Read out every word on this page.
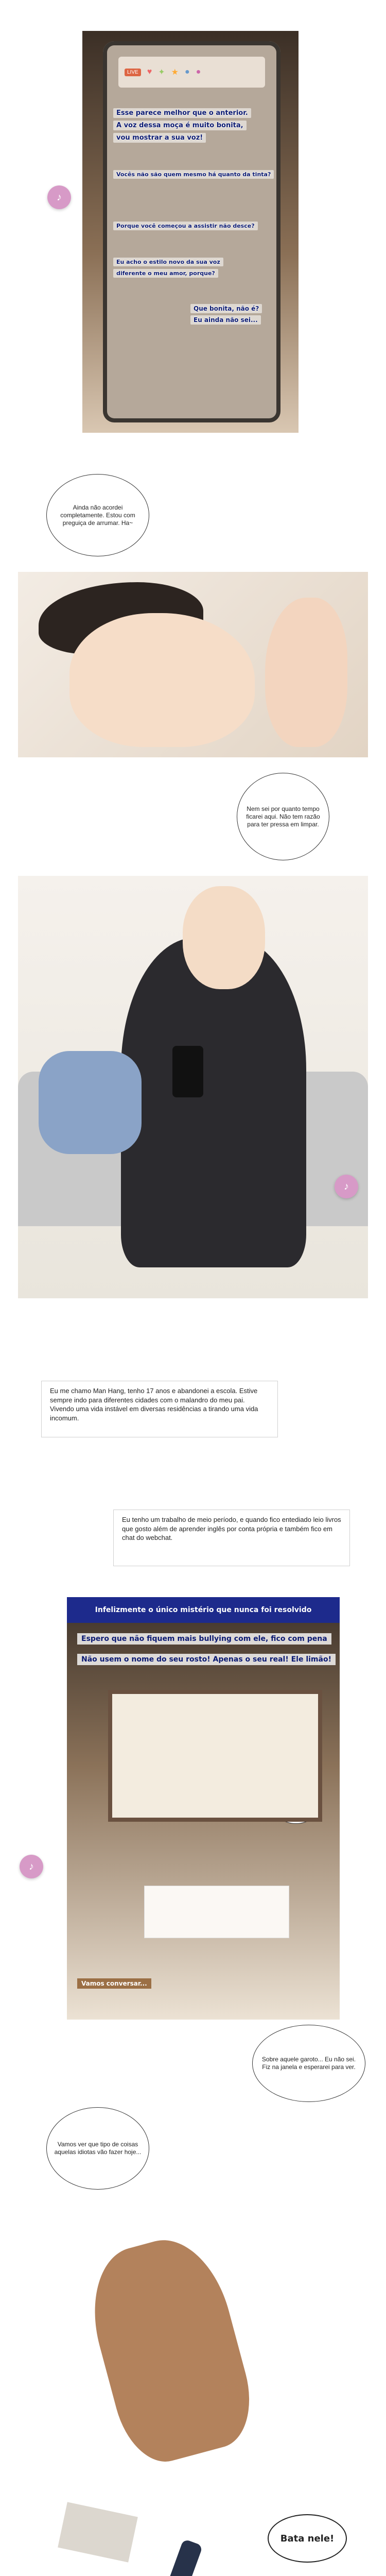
LIVE	♥ ✦ ★ ● ●
Esse parece melhor que o anterior.
A voz dessa moça é muito bonita,
vou mostrar a sua voz!
Vocês não são quem mesmo há quanto da tinta?
Porque você começou a assistir não desce?
Eu acho o estilo novo da sua voz
diferente o meu amor, porque?
Que bonita, não é?
Eu ainda não sei...
♪
Ainda não acordei completamente. Estou com preguiça de arrumar. Ha~
Nem sei por quanto tempo ficarei aqui. Não tem razão para ter pressa em limpar.
♪
Eu me chamo Man Hang, tenho 17 anos e abandonei a escola. Estive sempre indo para diferentes cidades com o malandro do meu pai. Vivendo uma vida instável em diversas residências a tirando uma vida incomum.
Eu tenho um trabalho de meio período, e quando fico entediado leio livros que gosto além de aprender inglês por conta própria e também fico em chat do webchat.
Infelizmente o único mistério que nunca foi resolvido
Espero que não fiquem mais bullying com ele, fico com pena
Não usem o nome do seu rosto! Apenas o seu real! Ele limão!
Vamos conversar...
♪
Sobre aquele garoto... Eu não sei. Fiz na janela e esperarei para ver.
Vamos ver que tipo de coisas aquelas idiotas vão fazer hoje...
Bata nele!
